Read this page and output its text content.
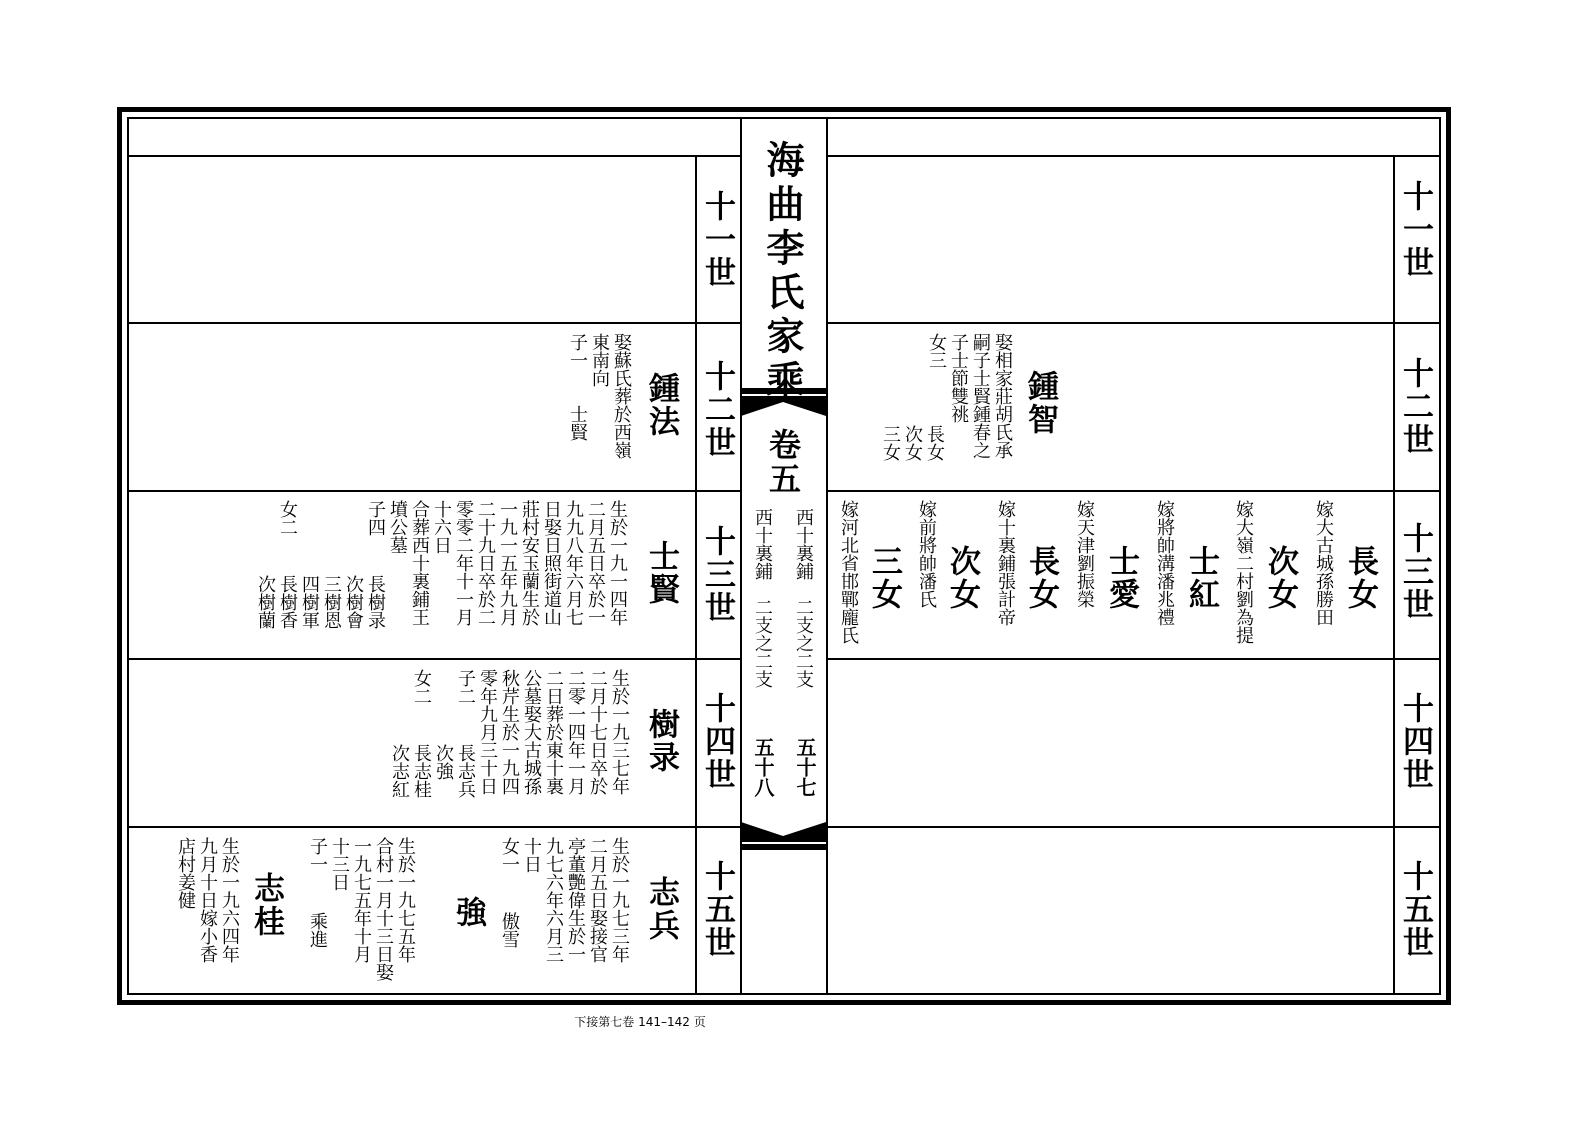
海曲李氏家乘
卷五
西十裏鋪　二支之二支
五十七
西十裏鋪　二支之二支
五十八
十一世
十二世
十三世
十四世
十五世
十一世
十二世
十三世
十四世
十五世
鍾智
娶相家莊胡氏承
嗣子士賢鍾春之
子士節雙祧
女三
長女
次女
三女
長女
嫁大古城孫勝田
次女
嫁大嶺二村劉為提
士紅
嫁將帥溝潘兆禮
士愛
嫁天津劉振榮
長女
嫁十裏鋪張計帝
次女
嫁前將帥潘氏
三女
嫁河北省邯鄲龐氏
鍾法
娶蘇氏葬於西嶺
東南向
子一　　士賢
士賢
生於一九一四年
二月五日卒於一
九九八年六月七
日娶日照街道山
莊村安玉蘭生於
一九一五年九月
二十九日卒於二
零零二年十一月
十六日
合葬西十裏鋪王
墳公墓
子四
長樹录
次樹會
三樹恩
四樹軍
女二
長樹香
次樹蘭
樹录
生於一九三七年
二月十七日卒於
二零一四年一月
二日葬於東十裏
公墓娶大古城孫
秋芹生於一九四
零年九月三十日
子二
長志兵
次強
女二
長志桂
次志紅
志兵
生於一九七三年
二月五日娶接官
亭董艷偉生於一
九七六年六月三
十日
女一
傲雪
強
生於一九七五年
合村一月十三日娶
一九七五年十月
十三日
子一
乘進
志桂
生於一九六四年
九月十日嫁小香
店村姜健
下接第七卷 141–142 页
